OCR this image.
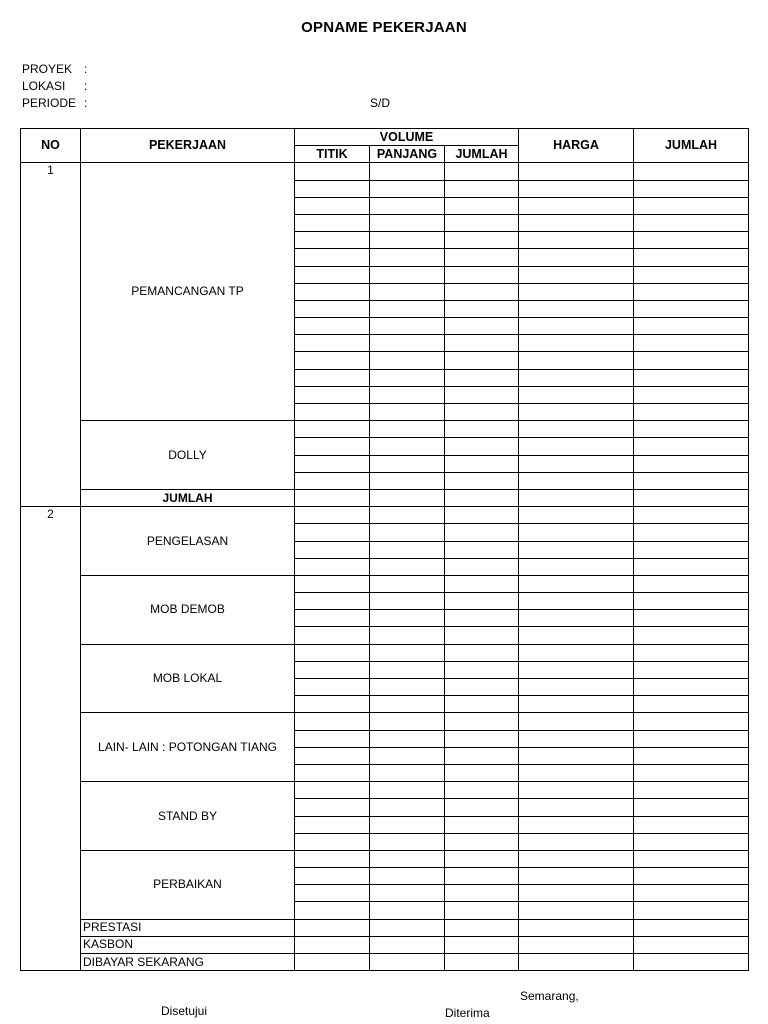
OPNAME PEKERJAAN
PROYEK :
LOKASI :
PERIODE :	S/D
NO	PEKERJAAN	VOLUME			HARGA	JUMLAH
		TITIK	PANJANG	JUMLAH		
1	PEMANCANGAN TP					

	DOLLY					

	JUMLAH					
2	PENGELASAN					

	MOB DEMOB					

	MOB LOKAL					

	LAIN- LAIN : POTONGAN TIANG					

	STAND BY					

	PERBAIKAN					

	PRESTASI					
	KASBON					
	DIBAYAR SEKARANG					
Semarang,
Disetujui	Diterima
